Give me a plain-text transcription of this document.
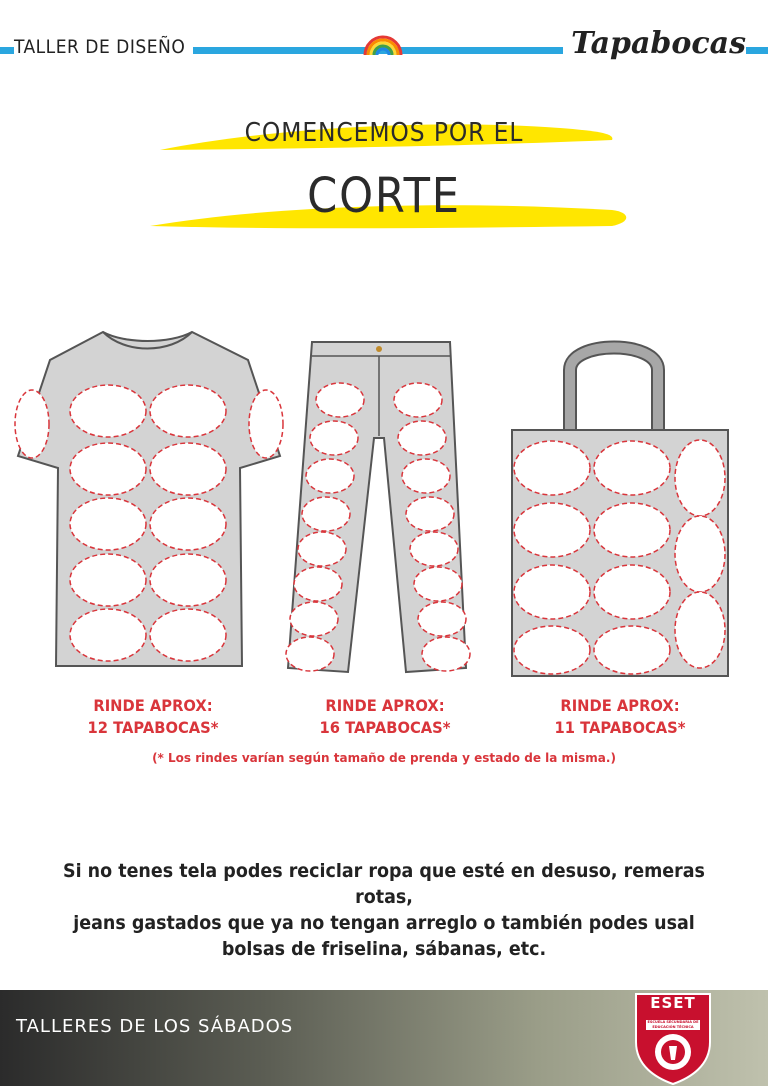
TALLER DE DISEÑO	Tapabocas
COMENCEMOS POR EL
CORTE
RINDE APROX:
12 TAPABOCAS*
RINDE APROX:
16 TAPABOCAS*
RINDE APROX:
11 TAPABOCAS*
(* Los rindes varían según tamaño de prenda y estado de la misma.)
Si no tenes tela podes reciclar ropa que esté en desuso, remeras rotas,
jeans gastados que ya no tengan arreglo o también podes usal
bolsas de friselina, sábanas, etc.
TALLERES DE LOS SÁBADOS
ESET
ESCUELA SECUNDARIA DE EDUCACIÓN TÉCNICA
